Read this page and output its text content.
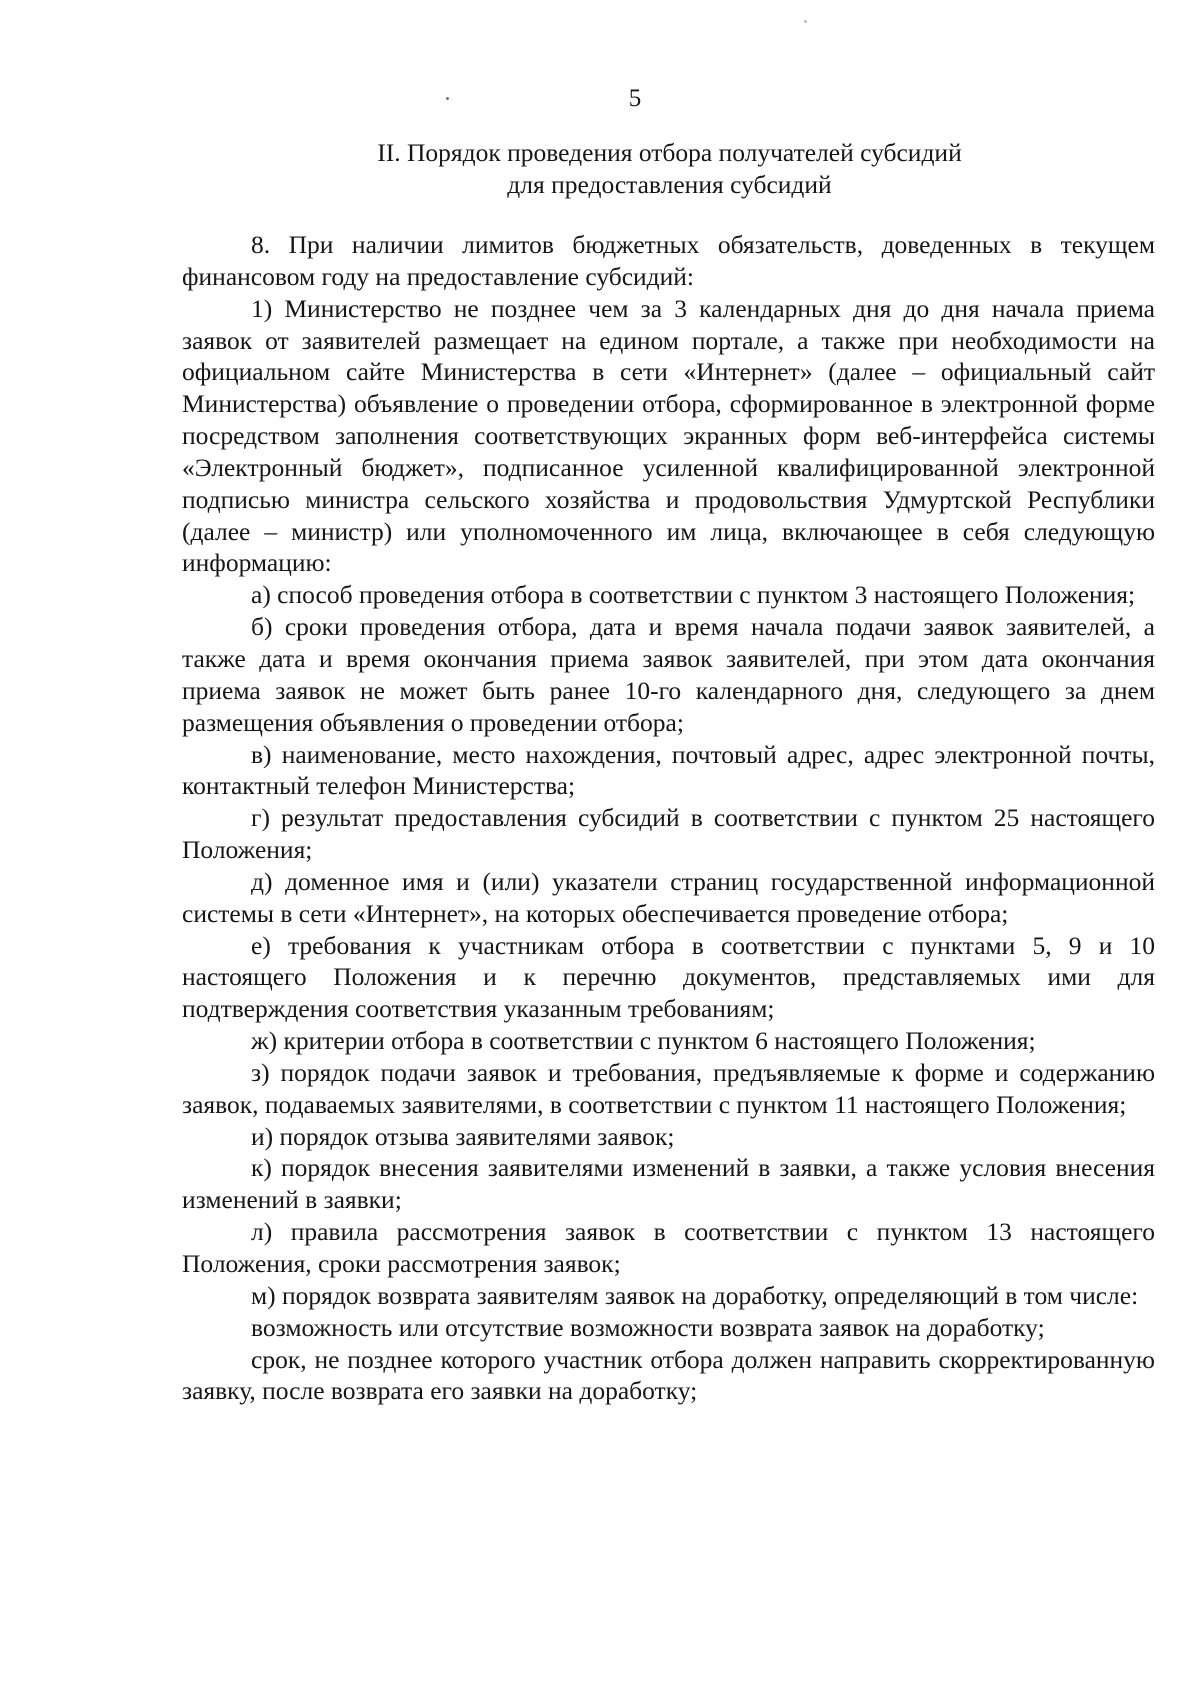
5
II. Порядок проведения отбора получателей субсидий
для предоставления субсидий

8. При наличии лимитов бюджетных обязательств, доведенных в текущем финансовом году на предоставление субсидий:

1) Министерство не позднее чем за 3 календарных дня до дня начала приема заявок от заявителей размещает на едином портале, а также при необходимости на официальном сайте Министерства в сети «Интернет» (далее – официальный сайт Министерства) объявление о проведении отбора, сформированное в электронной форме посредством заполнения соответствующих экранных форм веб-интерфейса системы «Электронный бюджет», подписанное усиленной квалифицированной электронной подписью министра сельского хозяйства и продовольствия Удмуртской Республики (далее – министр) или уполномоченного им лица, включающее в себя следующую информацию:

а) способ проведения отбора в соответствии с пунктом 3 настоящего Положения;

б) сроки проведения отбора, дата и время начала подачи заявок заявителей, а также дата и время окончания приема заявок заявителей, при этом дата окончания приема заявок не может быть ранее 10-го календарного дня, следующего за днем размещения объявления о проведении отбора;

в) наименование, место нахождения, почтовый адрес, адрес электронной почты, контактный телефон Министерства;

г) результат предоставления субсидий в соответствии с пунктом 25 настоящего Положения;

д) доменное имя и (или) указатели страниц государственной информационной системы в сети «Интернет», на которых обеспечивается проведение отбора;

е) требования к участникам отбора в соответствии с пунктами 5, 9 и 10 настоящего Положения и к перечню документов, представляемых ими для подтверждения соответствия указанным требованиям;

ж) критерии отбора в соответствии с пунктом 6 настоящего Положения;

з) порядок подачи заявок и требования, предъявляемые к форме и содержанию заявок, подаваемых заявителями, в соответствии с пунктом 11 настоящего Положения;

и) порядок отзыва заявителями заявок;

к) порядок внесения заявителями изменений в заявки, а также условия внесения изменений в заявки;

л) правила рассмотрения заявок в соответствии с пунктом 13 настоящего Положения, сроки рассмотрения заявок;

м) порядок возврата заявителям заявок на доработку, определяющий в том числе:

возможность или отсутствие возможности возврата заявок на доработку;

срок, не позднее которого участник отбора должен направить скорректированную заявку, после возврата его заявки на доработку;
